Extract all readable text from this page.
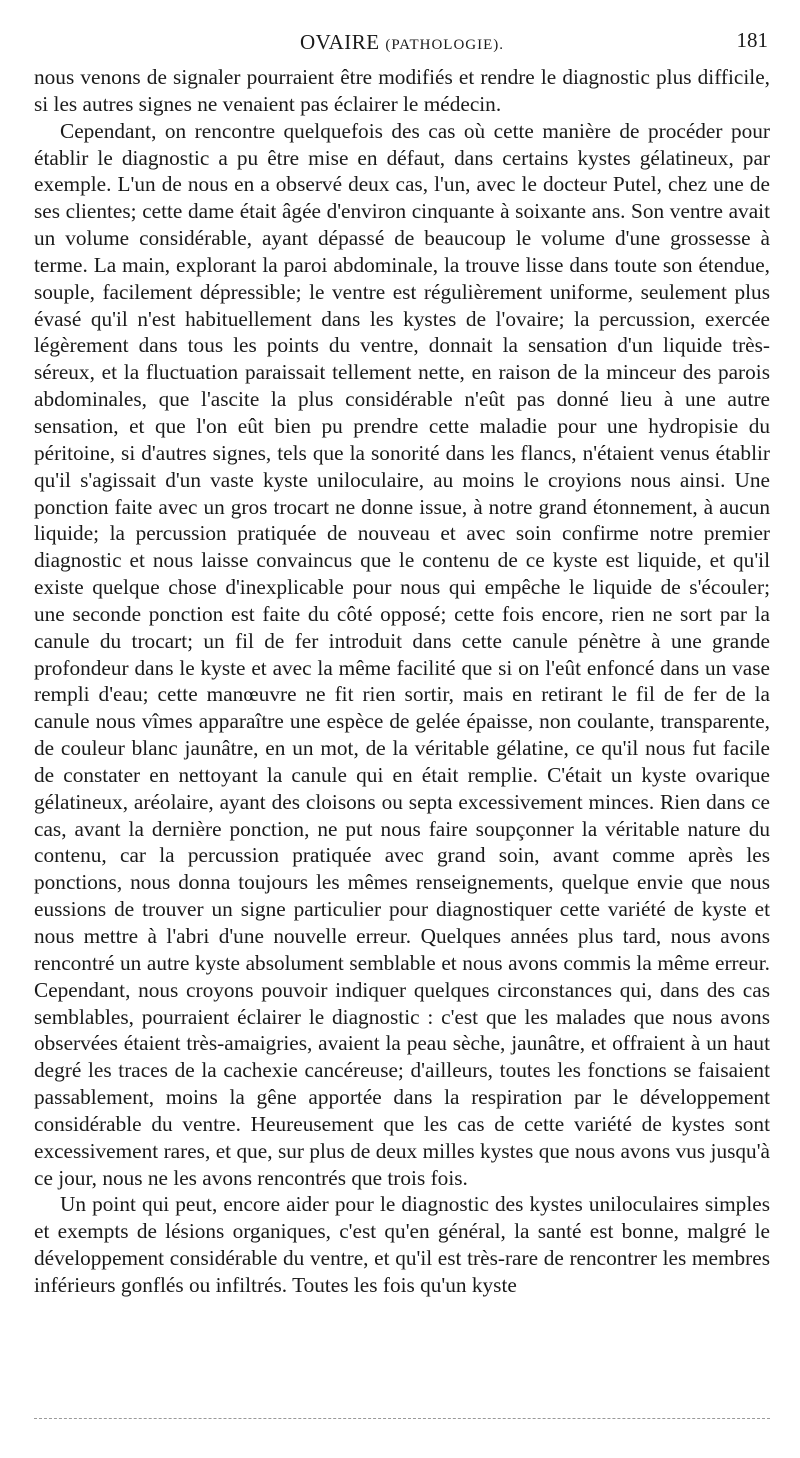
OVAIRE (PATHOLOGIE).	181

nous venons de signaler pourraient être modifiés et rendre le diagnostic plus difficile, si les autres signes ne venaient pas éclairer le médecin.

Cependant, on rencontre quelquefois des cas où cette manière de procéder pour établir le diagnostic a pu être mise en défaut, dans certains kystes gélatineux, par exemple. L'un de nous en a observé deux cas, l'un, avec le docteur Putel, chez une de ses clientes; cette dame était âgée d'environ cinquante à soixante ans. Son ventre avait un volume considérable, ayant dépassé de beaucoup le volume d'une grossesse à terme. La main, explorant la paroi abdominale, la trouve lisse dans toute son étendue, souple, facilement dépressible; le ventre est régulièrement uniforme, seulement plus évasé qu'il n'est habituellement dans les kystes de l'ovaire; la percussion, exercée légèrement dans tous les points du ventre, donnait la sensation d'un liquide très-séreux, et la fluctuation paraissait tellement nette, en raison de la minceur des parois abdominales, que l'ascite la plus considérable n'eût pas donné lieu à une autre sensation, et que l'on eût bien pu prendre cette maladie pour une hydropisie du péritoine, si d'autres signes, tels que la sonorité dans les flancs, n'étaient venus établir qu'il s'agissait d'un vaste kyste uniloculaire, au moins le croyions nous ainsi. Une ponction faite avec un gros trocart ne donne issue, à notre grand étonnement, à aucun liquide; la percussion pratiquée de nouveau et avec soin confirme notre premier diagnostic et nous laisse convaincus que le contenu de ce kyste est liquide, et qu'il existe quelque chose d'inexplicable pour nous qui empêche le liquide de s'écouler; une seconde ponction est faite du côté opposé; cette fois encore, rien ne sort par la canule du trocart; un fil de fer introduit dans cette canule pénètre à une grande profondeur dans le kyste et avec la même facilité que si on l'eût enfoncé dans un vase rempli d'eau; cette manœuvre ne fit rien sortir, mais en retirant le fil de fer de la canule nous vîmes apparaître une espèce de gelée épaisse, non coulante, transparente, de couleur blanc jaunâtre, en un mot, de la véritable gélatine, ce qu'il nous fut facile de constater en nettoyant la canule qui en était remplie. C'était un kyste ovarique gélatineux, aréolaire, ayant des cloisons ou septa excessivement minces. Rien dans ce cas, avant la dernière ponction, ne put nous faire soupçonner la véritable nature du contenu, car la percussion pratiquée avec grand soin, avant comme après les ponctions, nous donna toujours les mêmes renseignements, quelque envie que nous eussions de trouver un signe particulier pour diagnostiquer cette variété de kyste et nous mettre à l'abri d'une nouvelle erreur. Quelques années plus tard, nous avons rencontré un autre kyste absolument semblable et nous avons commis la même erreur. Cependant, nous croyons pouvoir indiquer quelques circonstances qui, dans des cas semblables, pourraient éclairer le diagnostic : c'est que les malades que nous avons observées étaient très-amaigries, avaient la peau sèche, jaunâtre, et offraient à un haut degré les traces de la cachexie cancéreuse; d'ailleurs, toutes les fonctions se faisaient passablement, moins la gêne apportée dans la respiration par le développement considérable du ventre. Heureusement que les cas de cette variété de kystes sont excessivement rares, et que, sur plus de deux milles kystes que nous avons vus jusqu'à ce jour, nous ne les avons rencontrés que trois fois.

Un point qui peut, encore aider pour le diagnostic des kystes uniloculaires simples et exempts de lésions organiques, c'est qu'en général, la santé est bonne, malgré le développement considérable du ventre, et qu'il est très-rare de rencontrer les membres inférieurs gonflés ou infiltrés. Toutes les fois qu'un kyste
